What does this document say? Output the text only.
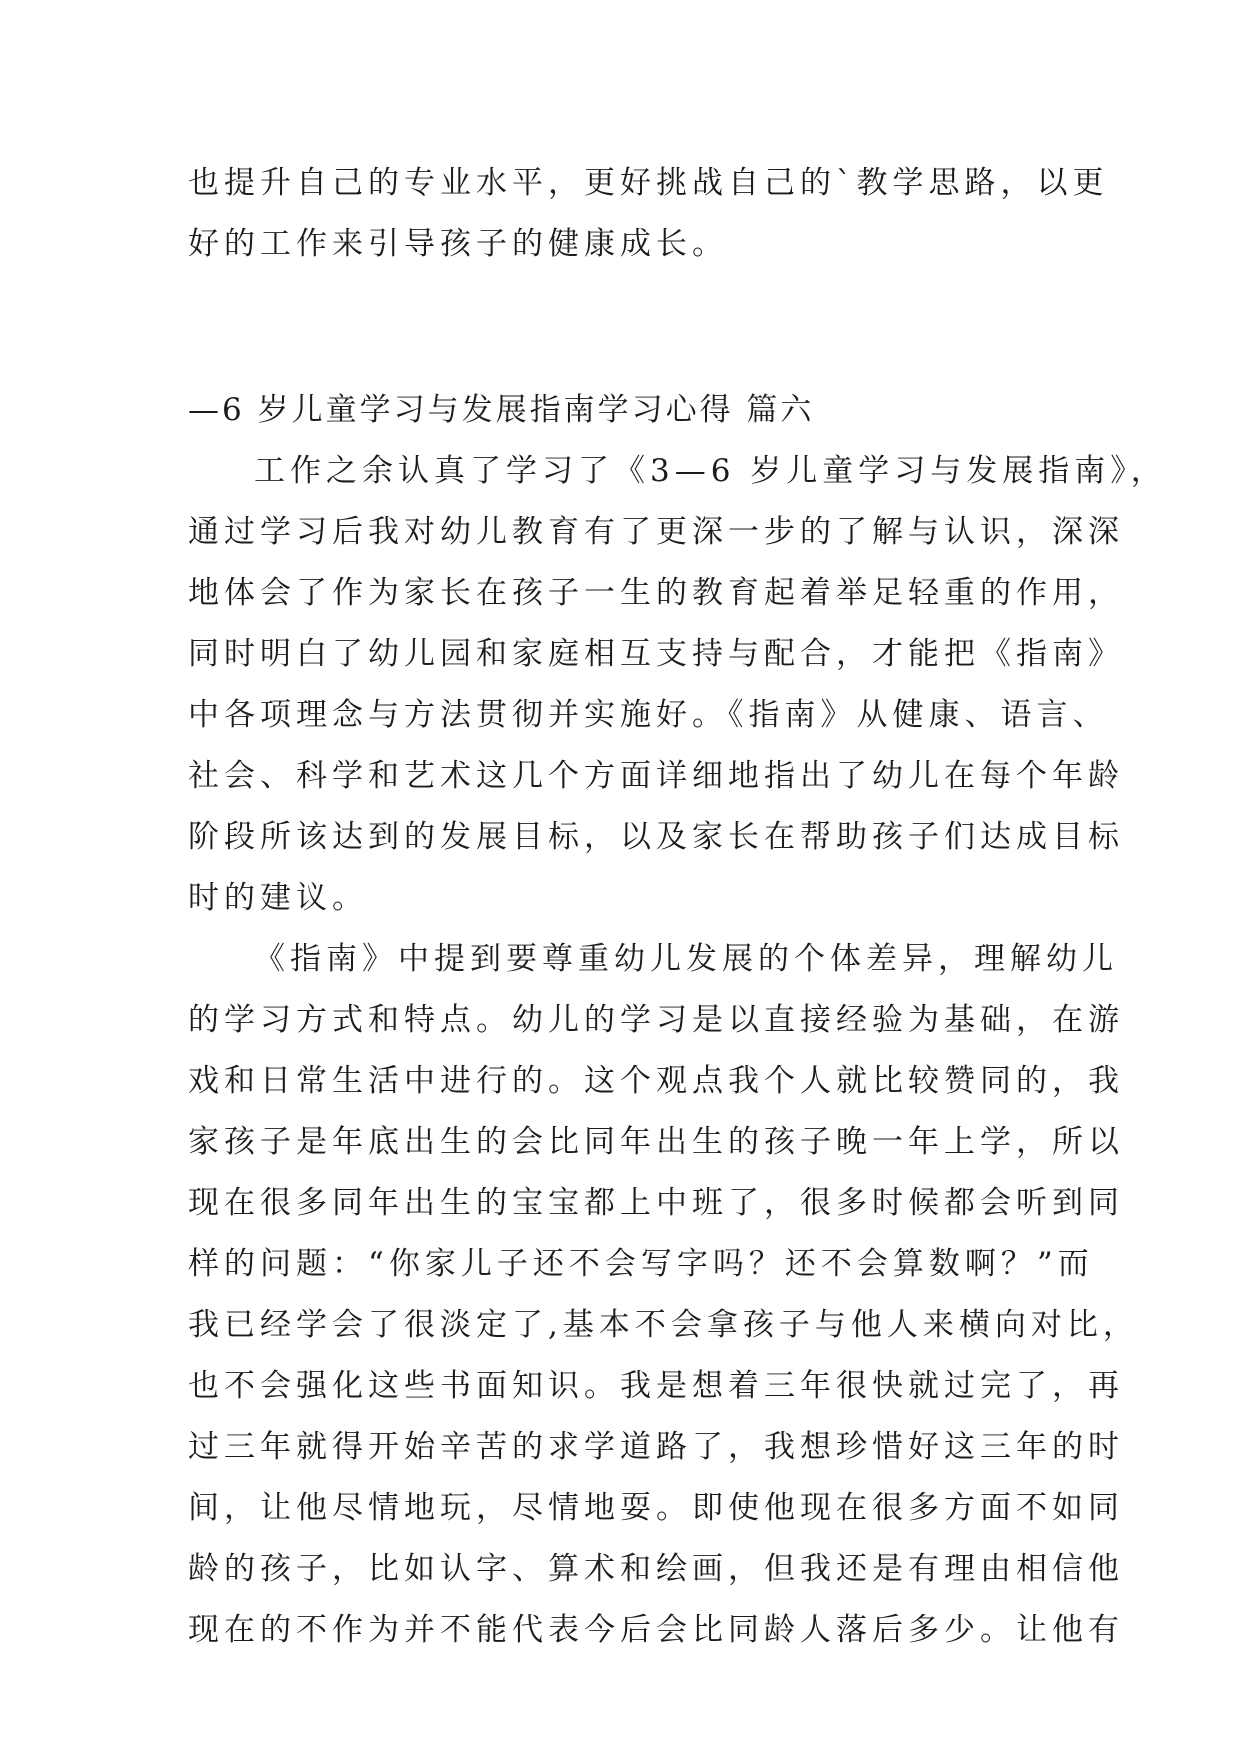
也提升自己的专业水平，更好挑战自己的`教学思路，以更
好的工作来引导孩子的健康成长。
—6 岁儿童学习与发展指南学习心得 篇六
工作之余认真了学习了《3—6 岁儿童学习与发展指南》，
通过学习后我对幼儿教育有了更深一步的了解与认识，深深
地体会了作为家长在孩子一生的教育起着举足轻重的作用，
同时明白了幼儿园和家庭相互支持与配合，才能把《指南》
中各项理念与方法贯彻并实施好。《指南》从健康、语言、
社会、科学和艺术这几个方面详细地指出了幼儿在每个年龄
阶段所该达到的发展目标，以及家长在帮助孩子们达成目标
时的建议。
《指南》中提到要尊重幼儿发展的个体差异，理解幼儿
的学习方式和特点。幼儿的学习是以直接经验为基础，在游
戏和日常生活中进行的。这个观点我个人就比较赞同的，我
家孩子是年底出生的会比同年出生的孩子晚一年上学，所以
现在很多同年出生的宝宝都上中班了，很多时候都会听到同
样的问题：“你家儿子还不会写字吗？还不会算数啊？”而
我已经学会了很淡定了,基本不会拿孩子与他人来横向对比，
也不会强化这些书面知识。我是想着三年很快就过完了，再
过三年就得开始辛苦的求学道路了，我想珍惜好这三年的时
间，让他尽情地玩，尽情地耍。即使他现在很多方面不如同
龄的孩子，比如认字、算术和绘画，但我还是有理由相信他
现在的不作为并不能代表今后会比同龄人落后多少。让他有
